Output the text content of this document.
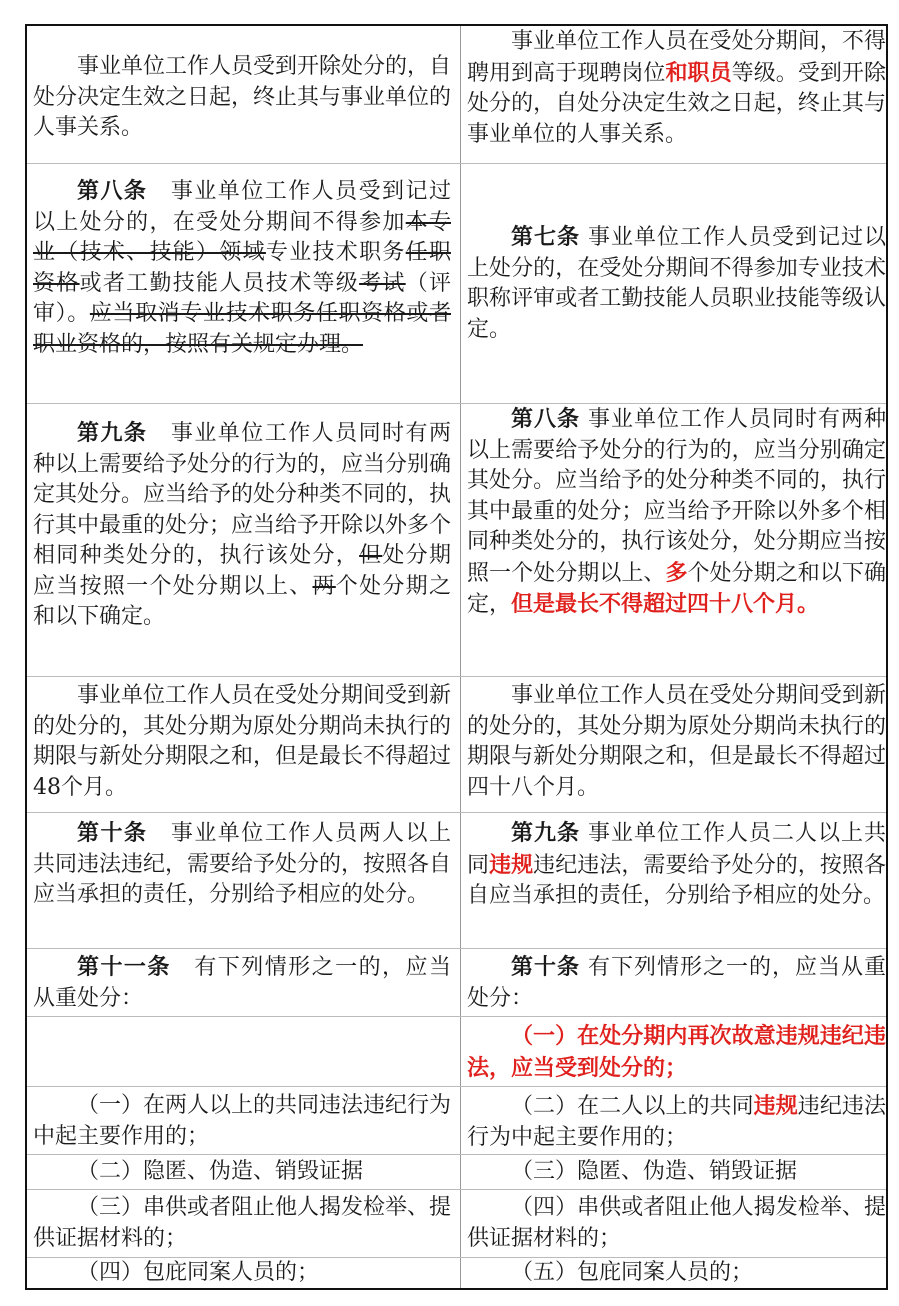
事业单位工作人员受到开除处分的，自处分决定生效之日起，终止其与事业单位的人事关系。
事业单位工作人员在受处分期间，不得聘用到高于现聘岗位和职员等级。受到开除处分的，自处分决定生效之日起，终止其与事业单位的人事关系。
第八条　事业单位工作人员受到记过以上处分的，在受处分期间不得参加本专业（技术、技能）领域专业技术职务任职资格或者工勤技能人员技术等级考试（评审）。应当取消专业技术职务任职资格或者职业资格的，按照有关规定办理。
第七条 事业单位工作人员受到记过以上处分的，在受处分期间不得参加专业技术职称评审或者工勤技能人员职业技能等级认定。
第九条　事业单位工作人员同时有两种以上需要给予处分的行为的，应当分别确定其处分。应当给予的处分种类不同的，执行其中最重的处分；应当给予开除以外多个相同种类处分的，执行该处分，但处分期应当按照一个处分期以上、两个处分期之和以下确定。
第八条 事业单位工作人员同时有两种以上需要给予处分的行为的，应当分别确定其处分。应当给予的处分种类不同的，执行其中最重的处分；应当给予开除以外多个相同种类处分的，执行该处分，处分期应当按照一个处分期以上、多个处分期之和以下确定，但是最长不得超过四十八个月。
事业单位工作人员在受处分期间受到新的处分的，其处分期为原处分期尚未执行的期限与新处分期限之和，但是最长不得超过48个月。
事业单位工作人员在受处分期间受到新的处分的，其处分期为原处分期尚未执行的期限与新处分期限之和，但是最长不得超过四十八个月。
第十条　事业单位工作人员两人以上共同违法违纪，需要给予处分的，按照各自应当承担的责任，分别给予相应的处分。
第九条 事业单位工作人员二人以上共同违规违纪违法，需要给予处分的，按照各自应当承担的责任，分别给予相应的处分。
第十一条　有下列情形之一的，应当从重处分：
第十条 有下列情形之一的，应当从重处分：
（一）在处分期内再次故意违规违纪违法，应当受到处分的；
（一）在两人以上的共同违法违纪行为中起主要作用的；
（二）在二人以上的共同违规违纪违法行为中起主要作用的；
（二）隐匿、伪造、销毁证据	（三）隐匿、伪造、销毁证据
（三）串供或者阻止他人揭发检举、提供证据材料的；
（四）串供或者阻止他人揭发检举、提供证据材料的；
（四）包庇同案人员的；	（五）包庇同案人员的；
